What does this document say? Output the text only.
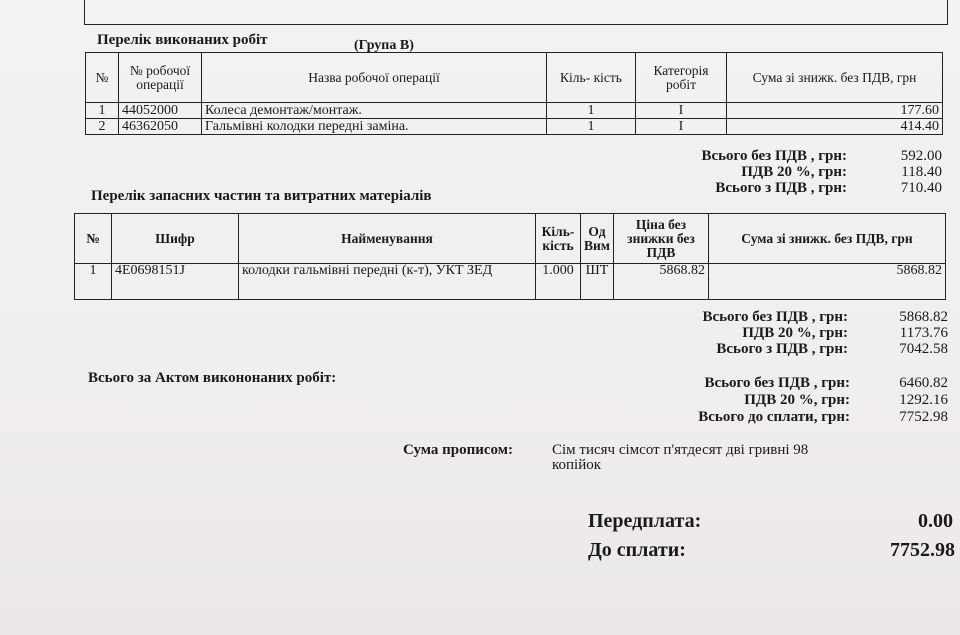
Перелік виконаних робіт	(Група В)
№	№ робочої операції	Назва робочої операції	Кіль- кість	Категорія робіт	Сума зі знижк. без ПДВ, грн
1	44052000	Колеса демонтаж/монтаж.	1	I	177.60
2	46362050	Гальмівні колодки передні заміна.	1	I	414.40
Всього без ПДВ , грн:	592.00
ПДВ 20 %, грн:	118.40
Всього з ПДВ , грн:	710.40
Перелік запасних частин та витратних матеріалів
№	Шифр	Найменування	Кіль- кість	Од Вим	Ціна без знижки без ПДВ	Сума зі знижк. без ПДВ, грн
1	4E0698151J	колодки гальмівні передні (к-т), УКТ ЗЕД	1.000	ШТ	5868.82	5868.82
Всього без ПДВ , грн:	5868.82
ПДВ 20 %, грн:	1173.76
Всього з ПДВ , грн:	7042.58
Всього за Актом викононаних робіт:	Всього без ПДВ , грн:	6460.82
ПДВ 20 %, грн:	1292.16
Всього до сплати, грн:	7752.98
Сума прописом:	Сім тисяч сімсот п'ятдесят дві гривні 98
копійок
Передплата:	0.00
До сплати:	7752.98
